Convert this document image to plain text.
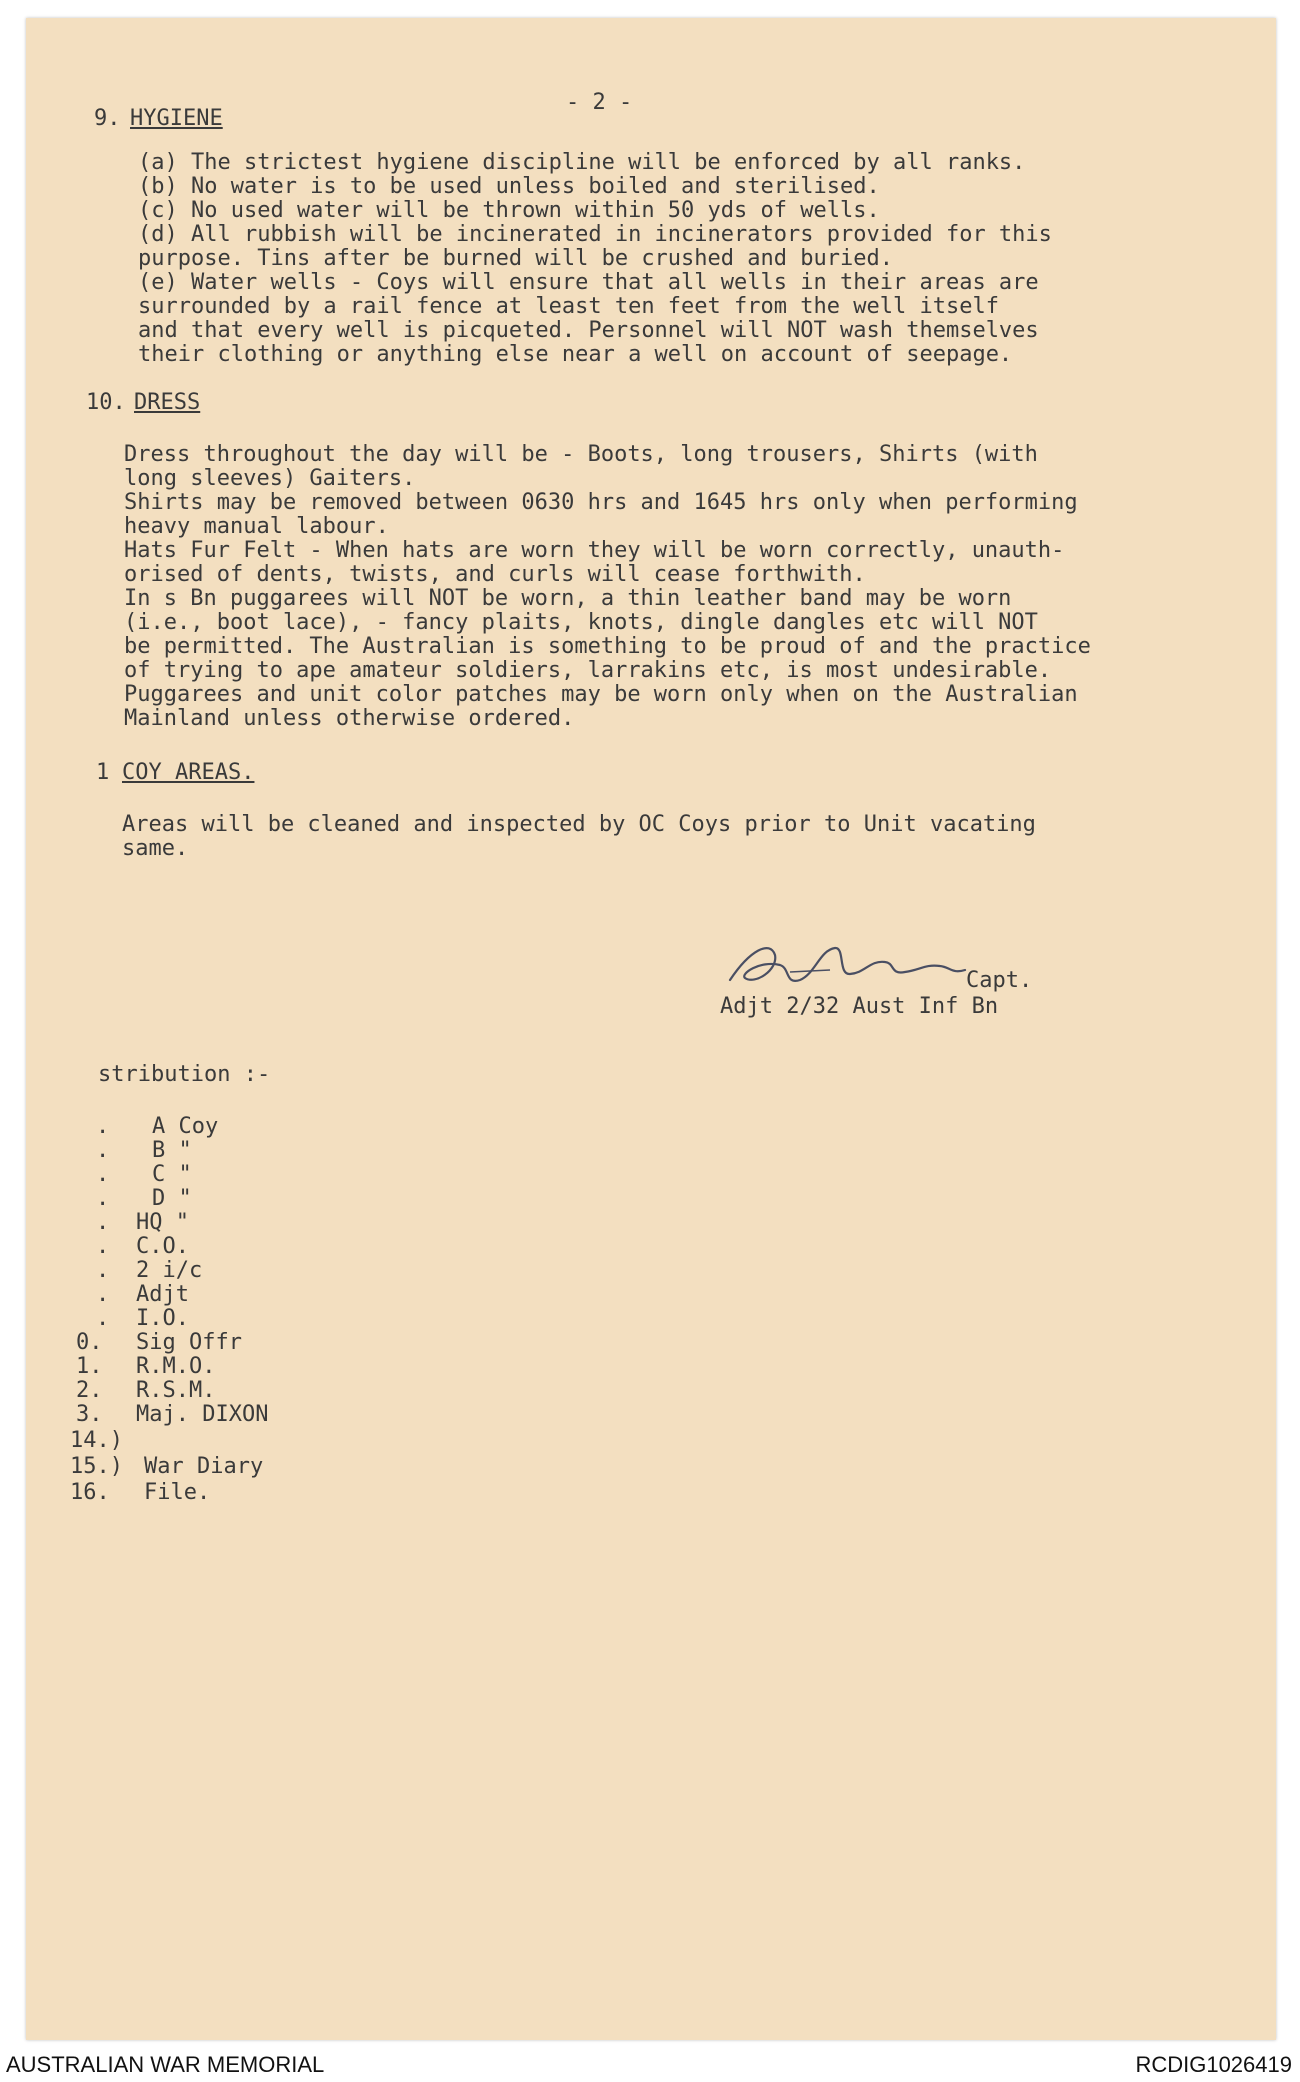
- 2 -
9. HYGIENE
(a) The strictest hygiene discipline will be enforced by all ranks.
(b) No water is to be used unless boiled and sterilised.
(c) No used water will be thrown within 50 yds of wells.
(d) All rubbish will be incinerated in incinerators provided for this
purpose. Tins after be burned will be crushed and buried.
(e) Water wells - Coys will ensure that all wells in their areas are
surrounded by a rail fence at least ten feet from the well itself
and that every well is picqueted. Personnel will NOT wash themselves
their clothing or anything else near a well on account of seepage.
10. DRESS
Dress throughout the day will be - Boots, long trousers, Shirts (with
long sleeves) Gaiters.
Shirts may be removed between 0630 hrs and 1645 hrs only when performing
heavy manual labour.
Hats Fur Felt - When hats are worn they will be worn correctly, unauth-
orised of dents, twists, and curls will cease forthwith.
In s Bn puggarees will NOT be worn, a thin leather band may be worn
(i.e., boot lace), - fancy plaits, knots, dingle dangles etc will NOT
be permitted. The Australian is something to be proud of and the practice
of trying to ape amateur soldiers, larrakins etc, is most undesirable.
Puggarees and unit color patches may be worn only when on the Australian
Mainland unless otherwise ordered.
1 COY AREAS.
Areas will be cleaned and inspected by OC Coys prior to Unit vacating
same.
Capt.
Adjt 2/32 Aust Inf Bn
stribution :-
. A Coy
. B "
. C "
. D "
. HQ "
. C.O.
. 2 i/c
. Adjt
. I.O.
0. Sig Offr
1. R.M.O.
2. R.S.M.
3. Maj. DIXON
14.)
15.) War Diary
16. File.
AUSTRALIAN WAR MEMORIAL	RCDIG1026419
